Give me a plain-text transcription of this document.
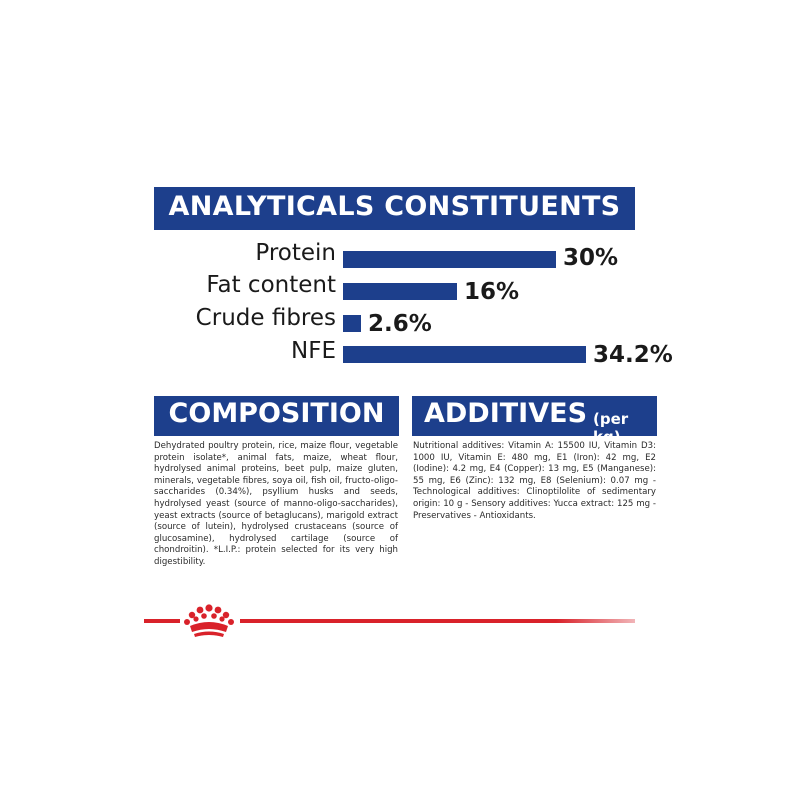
ANALYTICALS CONSTITUENTS
Protein	30%
Fat content	16%
Crude fibres 2.6%
NFE	34.2%
COMPOSITION	ADDITIVES (per kg)
Dehydrated poultry protein, rice, maize flour, vegetable protein isolate*, animal fats, maize, wheat flour, hydrolysed animal proteins, beet pulp, maize gluten, minerals, vegetable fibres, soya oil, fish oil, fructo-oligo-saccharides (0.34%), psyllium husks and seeds, hydrolysed yeast (source of manno-oligo-saccharides), yeast extracts (source of betaglucans), marigold extract (source of lutein), hydrolysed crustaceans (source of glucosamine), hydrolysed cartilage (source of chondroitin). *L.I.P.: protein selected for its very high digestibility.
Nutritional additives: Vitamin A: 15500 IU, Vitamin D3: 1000 IU, Vitamin E: 480 mg, E1 (Iron): 42 mg, E2 (Iodine): 4.2 mg, E4 (Copper): 13 mg, E5 (Manganese): 55 mg, E6 (Zinc): 132 mg, E8 (Selenium): 0.07 mg - Technological additives: Clinoptilolite of sedimentary origin: 10 g - Sensory additives: Yucca extract: 125 mg - Preservatives - Antioxidants.
